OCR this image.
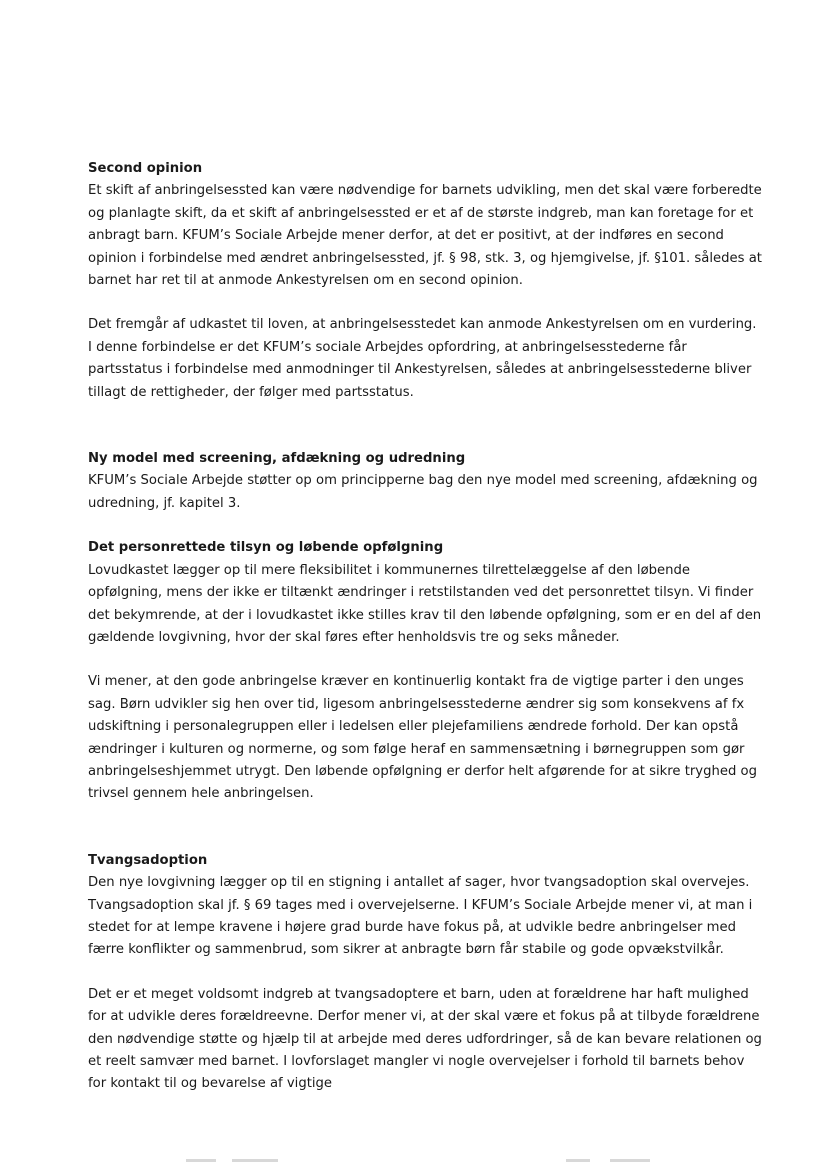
Second opinion

Et skift af anbringelsessted kan være nødvendige for barnets udvikling, men det skal være forberedte og planlagte skift, da et skift af anbringelsessted er et af de største indgreb, man kan foretage for et anbragt barn. KFUM’s Sociale Arbejde mener derfor, at det er positivt, at der indføres en second opinion i forbindelse med ændret anbringelsessted, jf. § 98, stk. 3, og hjemgivelse, jf. §101. således at barnet har ret til at anmode Ankestyrelsen om en second opinion.

Det fremgår af udkastet til loven, at anbringelsesstedet kan anmode Ankestyrelsen om en vurdering. I denne forbindelse er det KFUM’s sociale Arbejdes opfordring, at anbringelsesstederne får partsstatus i forbindelse med anmodninger til Ankestyrelsen, således at anbringelsesstederne bliver tillagt de rettigheder, der følger med partsstatus.

Ny model med screening, afdækning og udredning

KFUM’s Sociale Arbejde støtter op om principperne bag den nye model med screening, afdækning og udredning, jf. kapitel 3.

Det personrettede tilsyn og løbende opfølgning

Lovudkastet lægger op til mere fleksibilitet i kommunernes tilrettelæggelse af den løbende opfølgning, mens der ikke er tiltænkt ændringer i retstilstanden ved det personrettet tilsyn. Vi finder det bekymrende, at der i lovudkastet ikke stilles krav til den løbende opfølgning, som er en del af den gældende lovgivning, hvor der skal føres efter henholdsvis tre og seks måneder.

Vi mener, at den gode anbringelse kræver en kontinuerlig kontakt fra de vigtige parter i den unges sag. Børn udvikler sig hen over tid, ligesom anbringelsesstederne ændrer sig som konsekvens af fx udskiftning i personalegruppen eller i ledelsen eller plejefamiliens ændrede forhold. Der kan opstå ændringer i kulturen og normerne, og som følge heraf en sammensætning i børnegruppen som gør anbringelseshjemmet utrygt. Den løbende opfølgning er derfor helt afgørende for at sikre tryghed og trivsel gennem hele anbringelsen.

Tvangsadoption

Den nye lovgivning lægger op til en stigning i antallet af sager, hvor tvangsadoption skal overvejes. Tvangsadoption skal jf. § 69 tages med i overvejelserne. I KFUM’s Sociale Arbejde mener vi, at man i stedet for at lempe kravene i højere grad burde have fokus på, at udvikle bedre anbringelser med færre konflikter og sammenbrud, som sikrer at anbragte børn får stabile og gode opvækstvilkår.

Det er et meget voldsomt indgreb at tvangsadoptere et barn, uden at forældrene har haft mulighed for at udvikle deres forældreevne. Derfor mener vi, at der skal være et fokus på at tilbyde forældrene den nødvendige støtte og hjælp til at arbejde med deres udfordringer, så de kan bevare relationen og et reelt samvær med barnet. I lovforslaget mangler vi nogle overvejelser i forhold til barnets behov for kontakt til og bevarelse af vigtige
